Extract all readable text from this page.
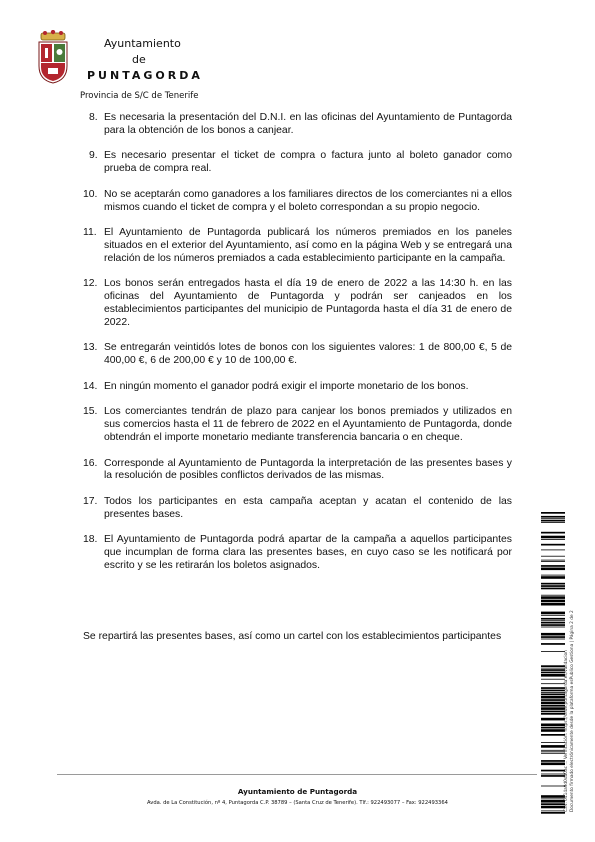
Ayuntamiento
de
PUNTAGORDA
Provincia de S/C de Tenerife
8. Es necesaria la presentación del D.N.I. en las oficinas del Ayuntamiento de Puntagorda para la obtención de los bonos a canjear.
9. Es necesario presentar el ticket de compra o factura junto al boleto ganador como prueba de compra real.
10. No se aceptarán como ganadores a los familiares directos de los comerciantes ni a ellos mismos cuando el ticket de compra y el boleto correspondan a su propio negocio.
11. El Ayuntamiento de Puntagorda publicará los números premiados en los paneles situados en el exterior del Ayuntamiento, así como en la página Web y se entregará una relación de los números premiados a cada establecimiento participante en la campaña.
12. Los bonos serán entregados hasta el día 19 de enero de 2022 a las 14:30 h. en las oficinas del Ayuntamiento de Puntagorda y podrán ser canjeados en los establecimientos participantes del municipio de Puntagorda hasta el día 31 de enero de 2022.
13. Se entregarán veintidós lotes de bonos con los siguientes valores: 1 de 800,00 €, 5 de 400,00 €, 6 de 200,00 € y 10 de 100,00 €.
14. En ningún momento el ganador podrá exigir el importe monetario de los bonos.
15. Los comerciantes tendrán de plazo para canjear los bonos premiados y utilizados en sus comercios hasta el 11 de febrero de 2022 en el Ayuntamiento de Puntagorda, donde obtendrán el importe monetario mediante transferencia bancaria o en cheque.
16. Corresponde al Ayuntamiento de Puntagorda la interpretación de las presentes bases y la resolución de posibles conflictos derivados de las mismas.
17. Todos los participantes en esta campaña aceptan y acatan el contenido de las presentes bases.
18. El Ayuntamiento de Puntagorda podrá apartar de la campaña a aquellos participantes que incumplan de forma clara las presentes bases, en cuyo caso se les notificará por escrito y se les retirarán los boletos asignados.
Se repartirá las presentes bases, así como un cartel con los establecimientos participantes
Ayuntamiento de Puntagorda
Avda. de La Constitución, nº 4, Puntagorda C.P. 38789 – (Santa Cruz de Tenerife). Tlf.: 922493077 – Fax: 922493364	CSV: 0414a9d0da0ac ... Verificación: https://sede.puntagorda.es/validacion Documento firmado electrónicamente desde la plataforma esPublico Gestiona | Página 2 de 2
